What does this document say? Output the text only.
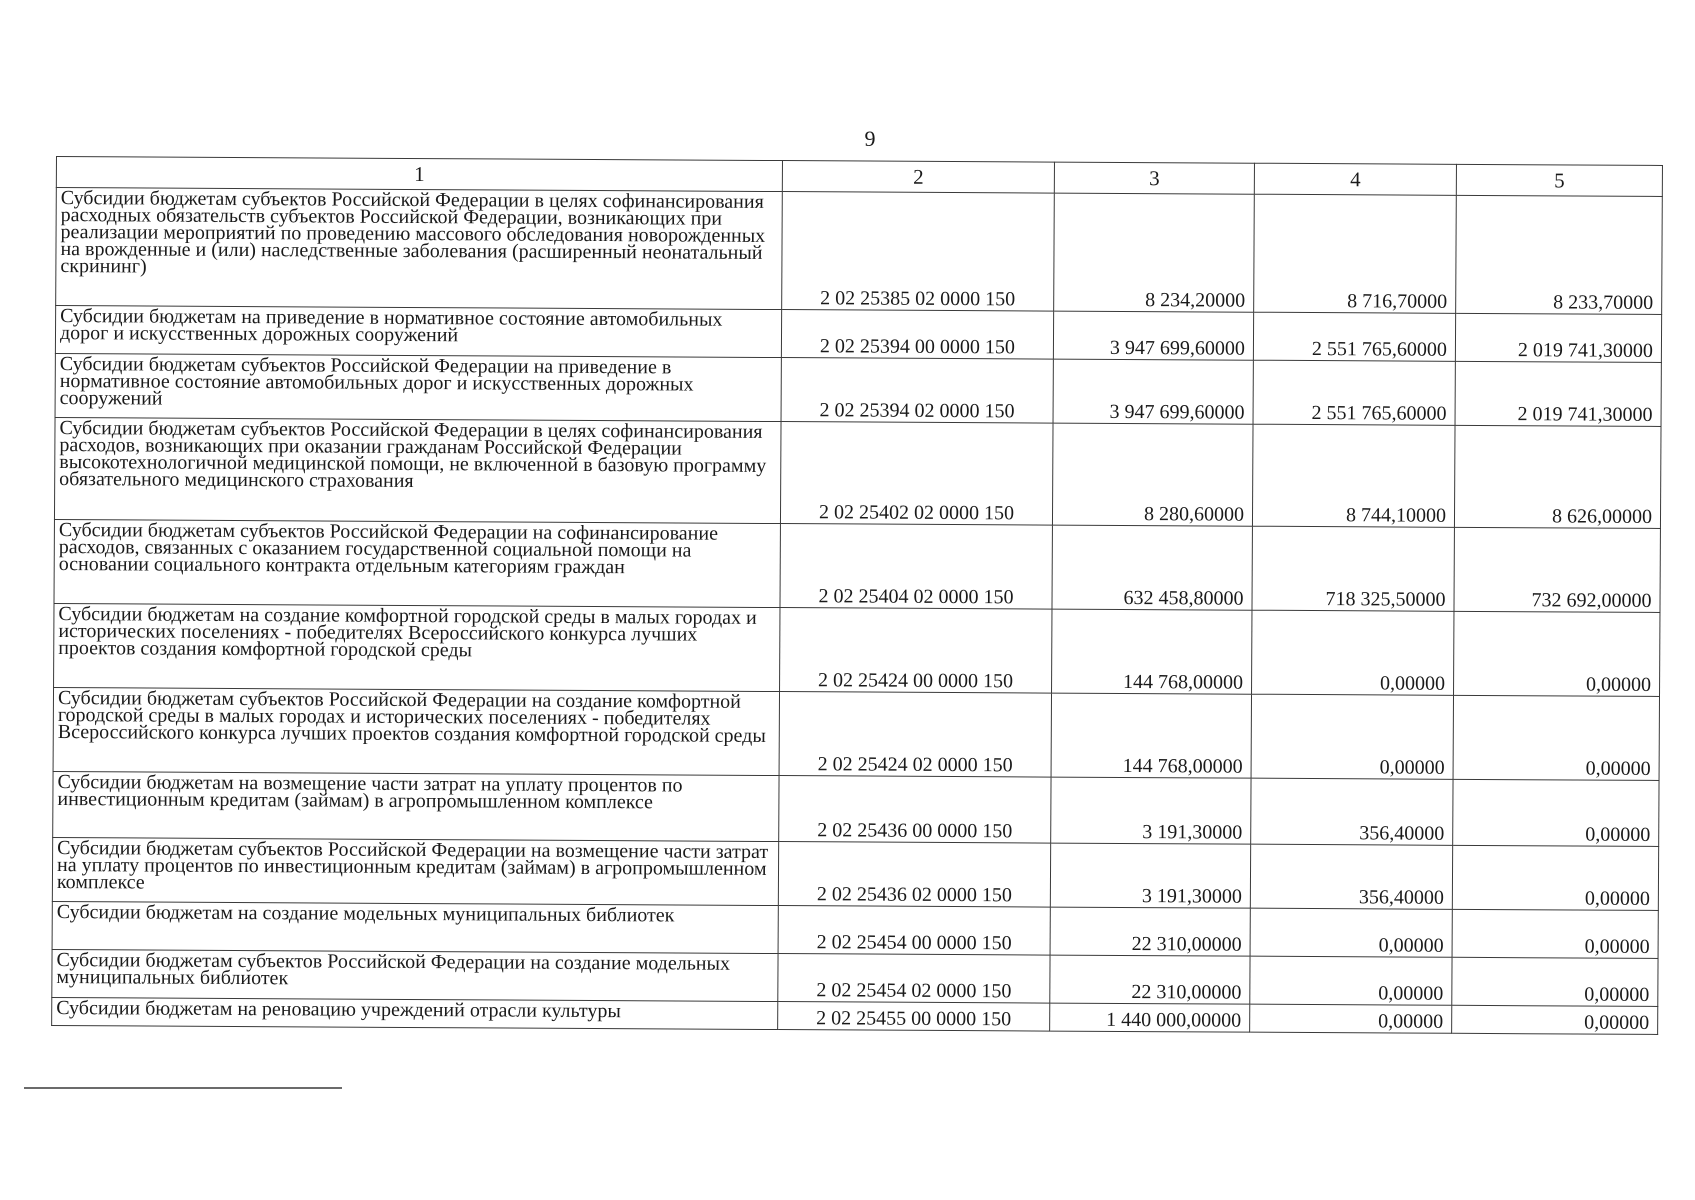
9
1	2	3	4	5
Субсидии бюджетам субъектов Российской Федерации в целях софинансирования расходных обязательств субъектов Российской Федерации, возникающих при реализации мероприятий по проведению массового обследования новорожденных на врожденные и (или) наследственные заболевания (расширенный неонатальный скрининг)	2 02 25385 02 0000 150	8 234,20000	8 716,70000	8 233,70000
Субсидии бюджетам на приведение в нормативное состояние автомобильных дорог и искусственных дорожных сооружений	2 02 25394 00 0000 150	3 947 699,60000	2 551 765,60000	2 019 741,30000
Субсидии бюджетам субъектов Российской Федерации на приведение в нормативное состояние автомобильных дорог и искусственных дорожных сооружений	2 02 25394 02 0000 150	3 947 699,60000	2 551 765,60000	2 019 741,30000
Субсидии бюджетам субъектов Российской Федерации в целях софинансирования расходов, возникающих при оказании гражданам Российской Федерации высокотехнологичной медицинской помощи, не включенной в базовую программу обязательного медицинского страхования	2 02 25402 02 0000 150	8 280,60000	8 744,10000	8 626,00000
Субсидии бюджетам субъектов Российской Федерации на софинансирование расходов, связанных с оказанием государственной социальной помощи на основании социального контракта отдельным категориям граждан	2 02 25404 02 0000 150	632 458,80000	718 325,50000	732 692,00000
Субсидии бюджетам на создание комфортной городской среды в малых городах и исторических поселениях - победителях Всероссийского конкурса лучших проектов создания комфортной городской среды	2 02 25424 00 0000 150	144 768,00000	0,00000	0,00000
Субсидии бюджетам субъектов Российской Федерации на создание комфортной городской среды в малых городах и исторических поселениях - победителях Всероссийского конкурса лучших проектов создания комфортной городской среды	2 02 25424 02 0000 150	144 768,00000	0,00000	0,00000
Субсидии бюджетам на возмещение части затрат на уплату процентов по инвестиционным кредитам (займам) в агропромышленном комплексе	2 02 25436 00 0000 150	3 191,30000	356,40000	0,00000
Субсидии бюджетам субъектов Российской Федерации на возмещение части затрат на уплату процентов по инвестиционным кредитам (займам) в агропромышленном комплексе	2 02 25436 02 0000 150	3 191,30000	356,40000	0,00000
Субсидии бюджетам на создание модельных муниципальных библиотек	2 02 25454 00 0000 150	22 310,00000	0,00000	0,00000
Субсидии бюджетам субъектов Российской Федерации на создание модельных муниципальных библиотек	2 02 25454 02 0000 150	22 310,00000	0,00000	0,00000
Субсидии бюджетам на реновацию учреждений отрасли культуры	2 02 25455 00 0000 150	1 440 000,00000	0,00000	0,00000
